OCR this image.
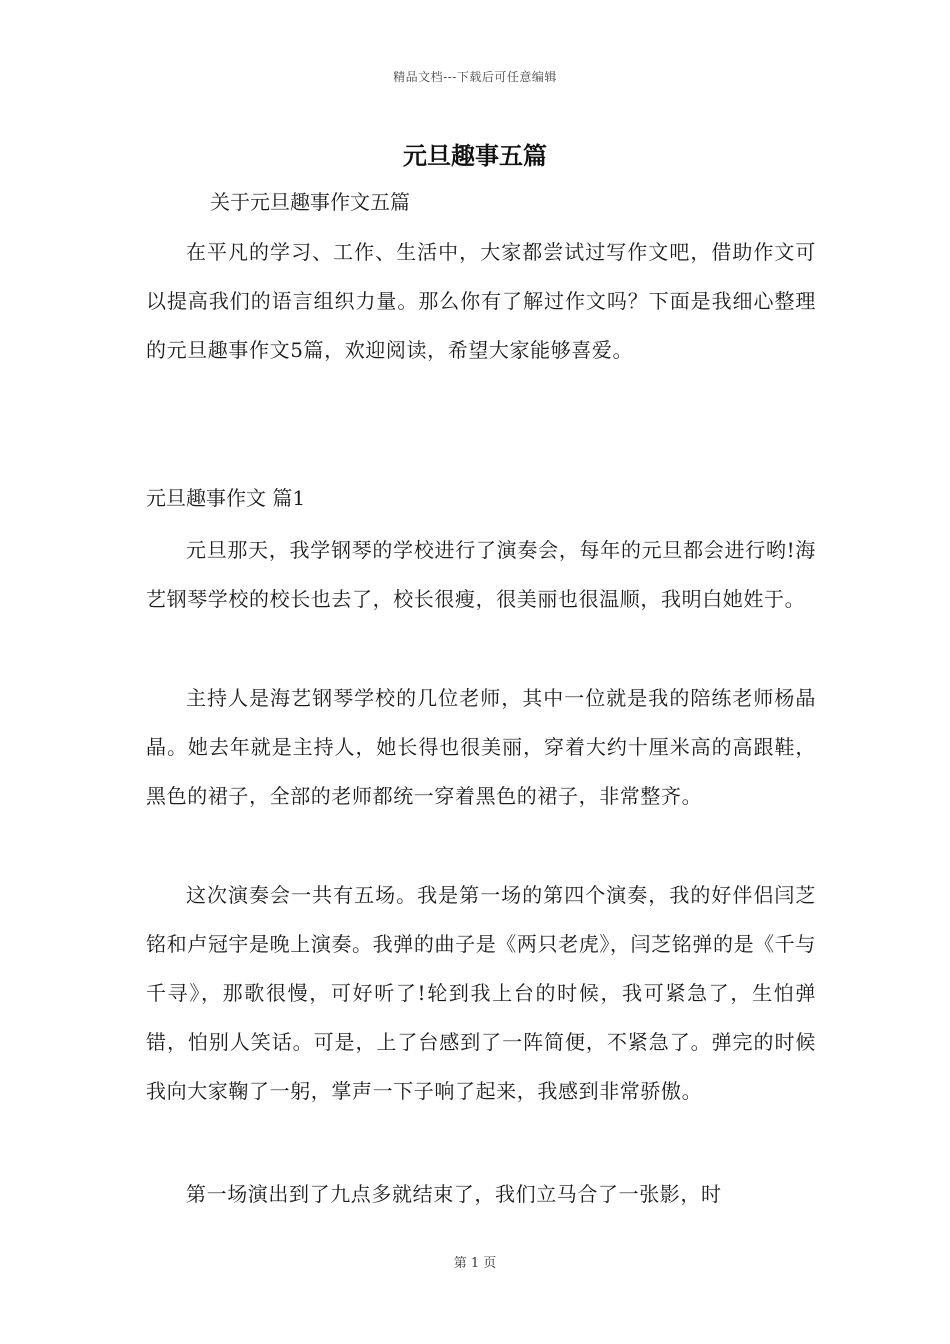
精品文档---下载后可任意编辑
元旦趣事五篇
关于元旦趣事作文五篇

在平凡的学习、工作、生活中，大家都尝试过写作文吧，借助作文可以提高我们的语言组织力量。那么你有了解过作文吗？下面是我细心整理的元旦趣事作文5篇，欢迎阅读，希望大家能够喜爱。

元旦趣事作文 篇1

元旦那天，我学钢琴的学校进行了演奏会，每年的元旦都会进行哟!海艺钢琴学校的校长也去了，校长很瘦，很美丽也很温顺，我明白她姓于。

主持人是海艺钢琴学校的几位老师，其中一位就是我的陪练老师杨晶晶。她去年就是主持人，她长得也很美丽，穿着大约十厘米高的高跟鞋，黑色的裙子，全部的老师都统一穿着黑色的裙子，非常整齐。

这次演奏会一共有五场。我是第一场的第四个演奏，我的好伴侣闫芝铭和卢冠宇是晚上演奏。我弹的曲子是《两只老虎》，闫芝铭弹的是《千与千寻》，那歌很慢，可好听了!轮到我上台的时候，我可紧急了，生怕弹错，怕别人笑话。可是，上了台感到了一阵简便，不紧急了。弹完的时候我向大家鞠了一躬，掌声一下子响了起来，我感到非常骄傲。

第一场演出到了九点多就结束了，我们立马合了一张影，时

第 1 页
